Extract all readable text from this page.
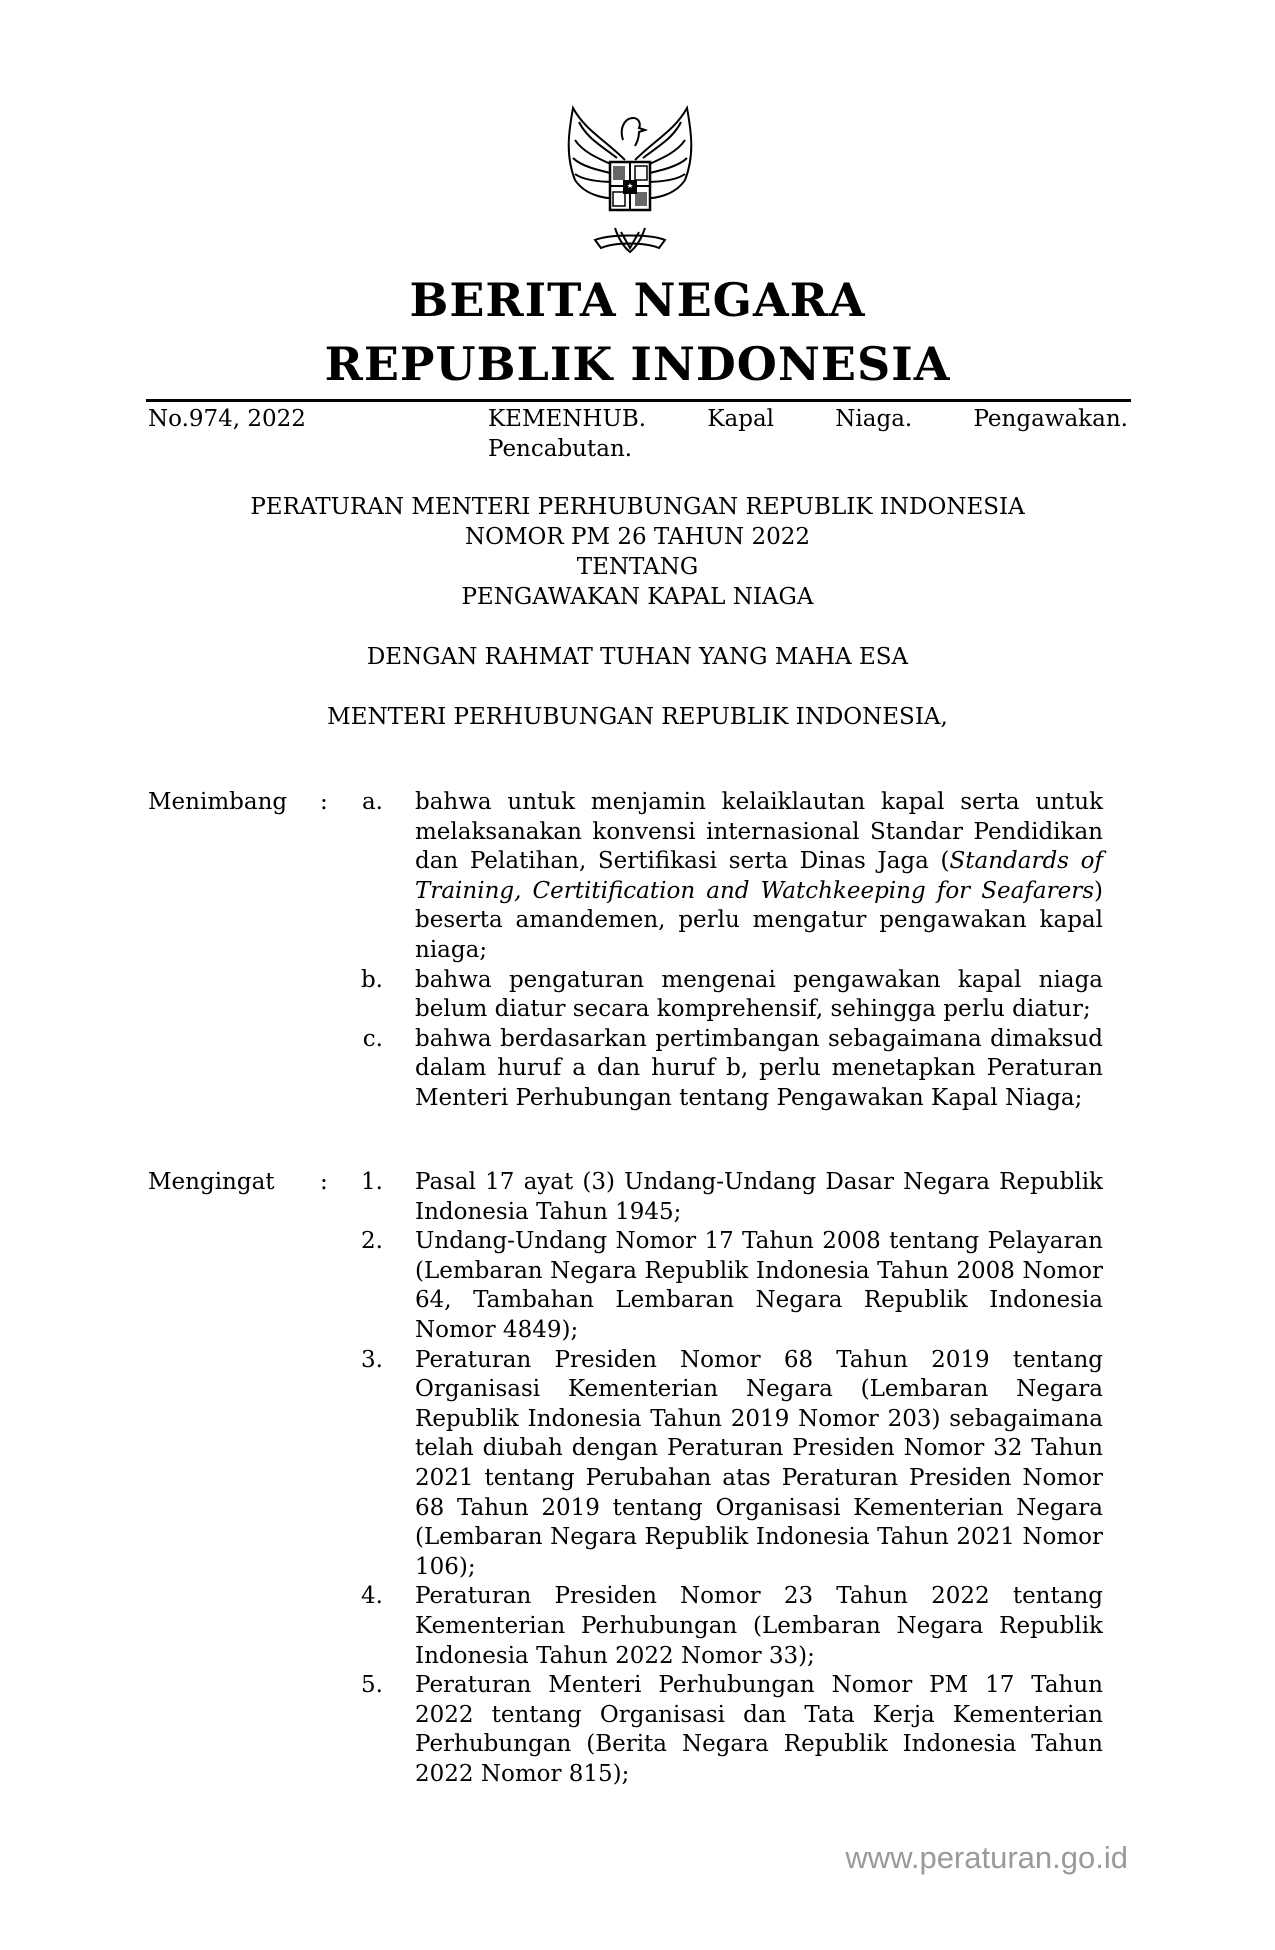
BERITA NEGARA
REPUBLIK INDONESIA
No.974, 2022	KEMENHUB.	Kapal	Niaga.	Pengawakan.
Pencabutan.
PERATURAN MENTERI PERHUBUNGAN REPUBLIK INDONESIA
NOMOR PM 26 TAHUN 2022
TENTANG
PENGAWAKAN KAPAL NIAGA
DENGAN RAHMAT TUHAN YANG MAHA ESA
MENTERI PERHUBUNGAN REPUBLIK INDONESIA,
Menimbang	:	a. bahwa untuk menjamin kelaiklautan kapal serta untuk melaksanakan konvensi internasional Standar Pendidikan dan Pelatihan, Sertifikasi serta Dinas Jaga (Standards of Training, Certitification and Watchkeeping for Seafarers) beserta amandemen, perlu mengatur pengawakan kapal niaga;
b. bahwa pengaturan mengenai pengawakan kapal niaga belum diatur secara komprehensif, sehingga perlu diatur;
c. bahwa berdasarkan pertimbangan sebagaimana dimaksud dalam huruf a dan huruf b, perlu menetapkan Peraturan Menteri Perhubungan tentang Pengawakan Kapal Niaga;
Mengingat	:	1. Pasal 17 ayat (3) Undang-Undang Dasar Negara Republik Indonesia Tahun 1945;
2. Undang-Undang Nomor 17 Tahun 2008 tentang Pelayaran (Lembaran Negara Republik Indonesia Tahun 2008 Nomor 64, Tambahan Lembaran Negara Republik Indonesia Nomor 4849);
3. Peraturan Presiden Nomor 68 Tahun 2019 tentang Organisasi Kementerian Negara (Lembaran Negara Republik Indonesia Tahun 2019 Nomor 203) sebagaimana telah diubah dengan Peraturan Presiden Nomor 32 Tahun 2021 tentang Perubahan atas Peraturan Presiden Nomor 68 Tahun 2019 tentang Organisasi Kementerian Negara (Lembaran Negara Republik Indonesia Tahun 2021 Nomor 106);
4. Peraturan Presiden Nomor 23 Tahun 2022 tentang Kementerian Perhubungan (Lembaran Negara Republik Indonesia Tahun 2022 Nomor 33);
5. Peraturan Menteri Perhubungan Nomor PM 17 Tahun 2022 tentang Organisasi dan Tata Kerja Kementerian Perhubungan (Berita Negara Republik Indonesia Tahun 2022 Nomor 815);
www.peraturan.go.id
